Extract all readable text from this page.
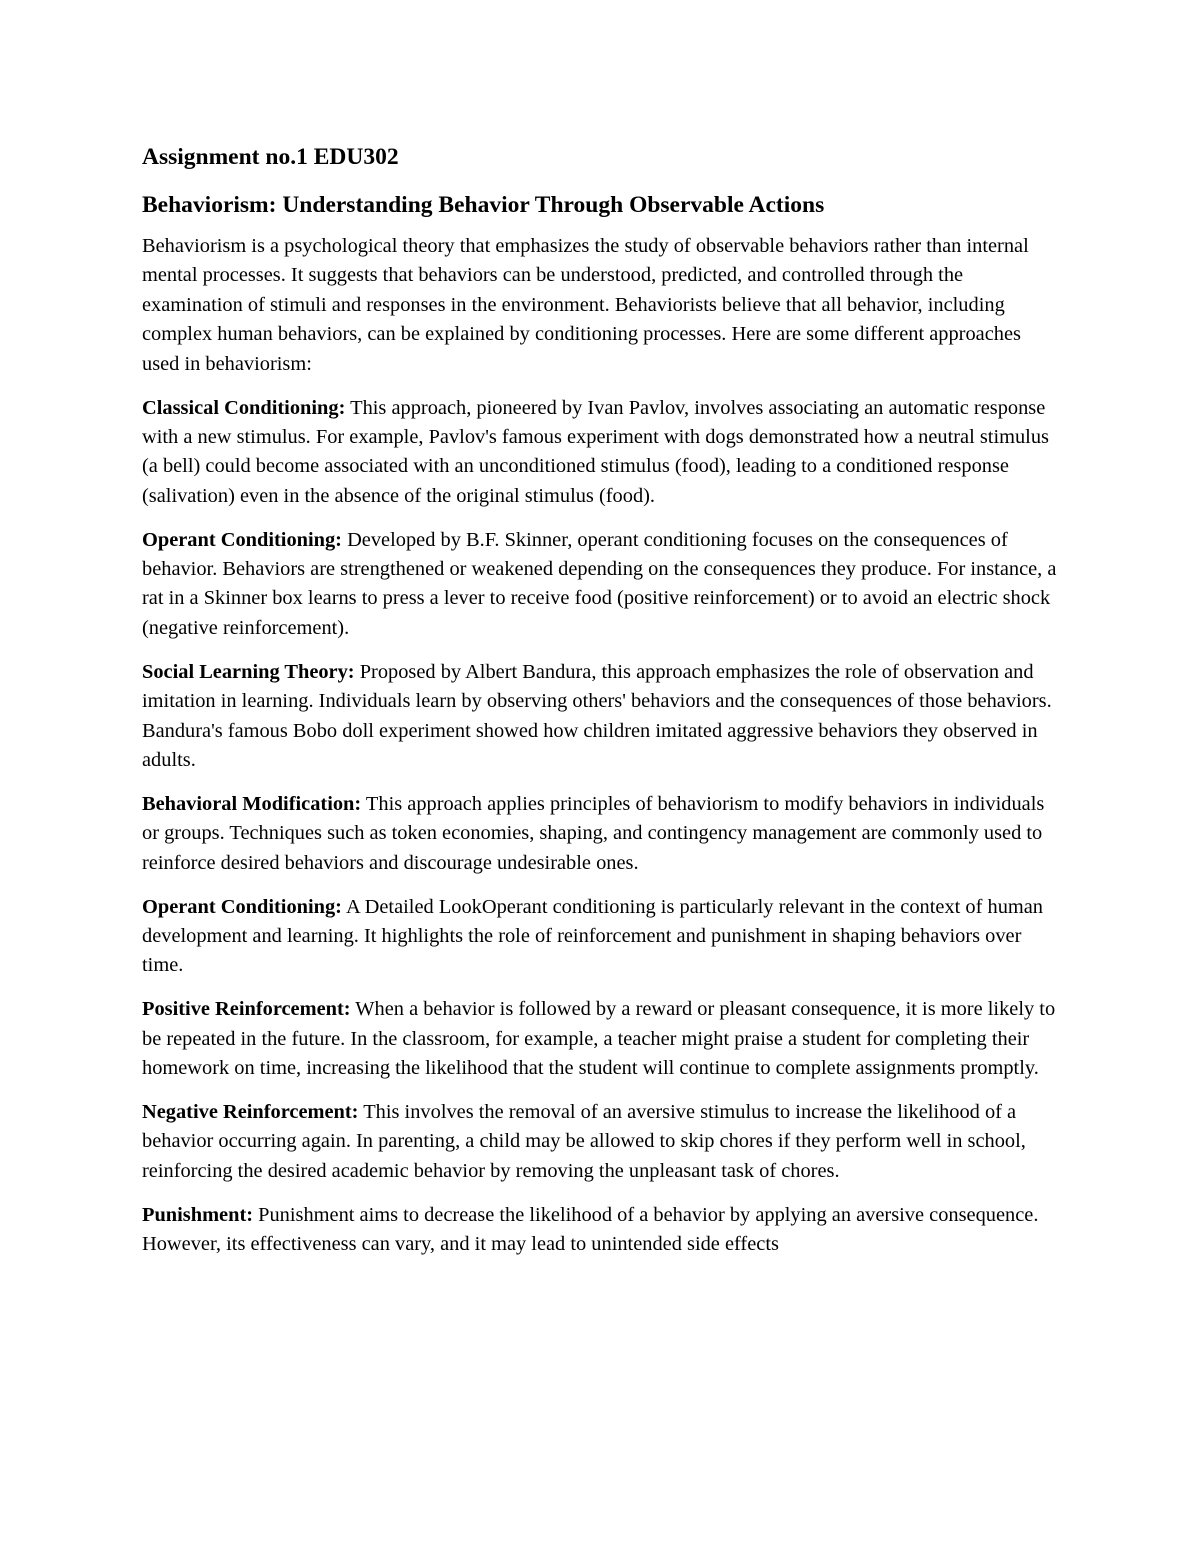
Assignment no.1 EDU302
Behaviorism: Understanding Behavior Through Observable Actions

Behaviorism is a psychological theory that emphasizes the study of observable behaviors rather than internal mental processes. It suggests that behaviors can be understood, predicted, and controlled through the examination of stimuli and responses in the environment. Behaviorists believe that all behavior, including complex human behaviors, can be explained by conditioning processes. Here are some different approaches used in behaviorism:

Classical Conditioning: This approach, pioneered by Ivan Pavlov, involves associating an automatic response with a new stimulus. For example, Pavlov's famous experiment with dogs demonstrated how a neutral stimulus (a bell) could become associated with an unconditioned stimulus (food), leading to a conditioned response (salivation) even in the absence of the original stimulus (food).

Operant Conditioning: Developed by B.F. Skinner, operant conditioning focuses on the consequences of behavior. Behaviors are strengthened or weakened depending on the consequences they produce. For instance, a rat in a Skinner box learns to press a lever to receive food (positive reinforcement) or to avoid an electric shock (negative reinforcement).

Social Learning Theory: Proposed by Albert Bandura, this approach emphasizes the role of observation and imitation in learning. Individuals learn by observing others' behaviors and the consequences of those behaviors. Bandura's famous Bobo doll experiment showed how children imitated aggressive behaviors they observed in adults.

Behavioral Modification: This approach applies principles of behaviorism to modify behaviors in individuals or groups. Techniques such as token economies, shaping, and contingency management are commonly used to reinforce desired behaviors and discourage undesirable ones.

Operant Conditioning: A Detailed LookOperant conditioning is particularly relevant in the context of human development and learning. It highlights the role of reinforcement and punishment in shaping behaviors over time.

Positive Reinforcement: When a behavior is followed by a reward or pleasant consequence, it is more likely to be repeated in the future. In the classroom, for example, a teacher might praise a student for completing their homework on time, increasing the likelihood that the student will continue to complete assignments promptly.

Negative Reinforcement: This involves the removal of an aversive stimulus to increase the likelihood of a behavior occurring again. In parenting, a child may be allowed to skip chores if they perform well in school, reinforcing the desired academic behavior by removing the unpleasant task of chores.

Punishment: Punishment aims to decrease the likelihood of a behavior by applying an aversive consequence. However, its effectiveness can vary, and it may lead to unintended side effects
